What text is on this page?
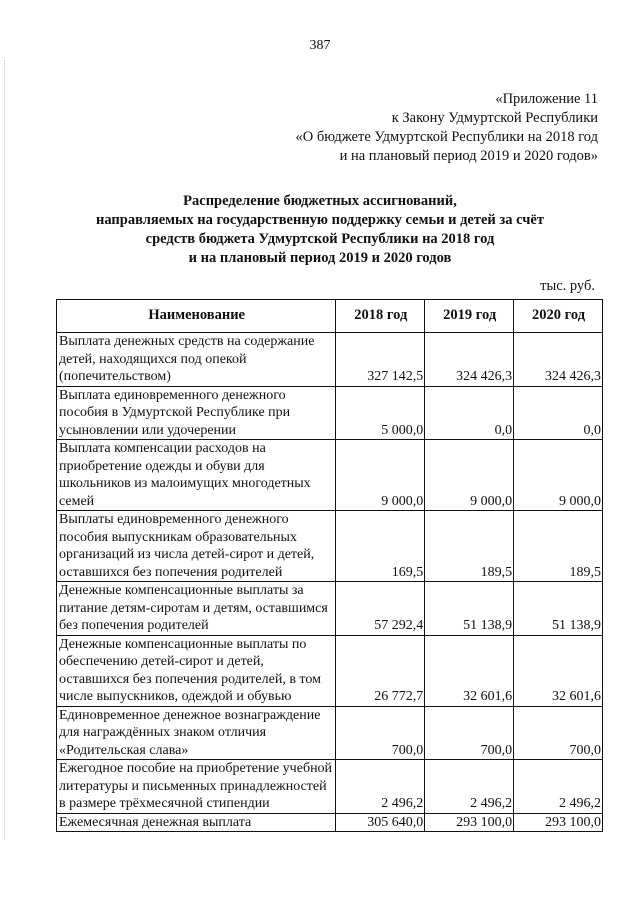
387
«Приложение 11
к Закону Удмуртской Республики
«О бюджете Удмуртской Республики на 2018 год
и на плановый период 2019 и 2020 годов»
Распределение бюджетных ассигнований,
направляемых на государственную поддержку семьи и детей за счёт
средств бюджета Удмуртской Республики на 2018 год
и на плановый период 2019 и 2020 годов
тыс. руб.
Наименование	2018 год	2019 год	2020 год
Выплата денежных средств на содержание детей, находящихся под опекой (попечительством)	327 142,5	324 426,3	324 426,3
Выплата единовременного денежного пособия в Удмуртской Республике при усыновлении или удочерении	5 000,0	0,0	0,0
Выплата компенсации расходов на приобретение одежды и обуви для школьников из малоимущих многодетных семей	9 000,0	9 000,0	9 000,0
Выплаты единовременного денежного пособия выпускникам образовательных организаций из числа детей-сирот и детей, оставшихся без попечения родителей	169,5	189,5	189,5
Денежные компенсационные выплаты за питание детям-сиротам и детям, оставшимся без попечения родителей	57 292,4	51 138,9	51 138,9
Денежные компенсационные выплаты по обеспечению детей-сирот и детей, оставшихся без попечения родителей, в том числе выпускников, одеждой и обувью	26 772,7	32 601,6	32 601,6
Единовременное денежное вознаграждение для награждённых знаком отличия «Родительская слава»	700,0	700,0	700,0
Ежегодное пособие на приобретение учебной литературы и письменных принадлежностей в размере трёхмесячной стипендии	2 496,2	2 496,2	2 496,2
Ежемесячная денежная выплата	305 640,0	293 100,0	293 100,0
